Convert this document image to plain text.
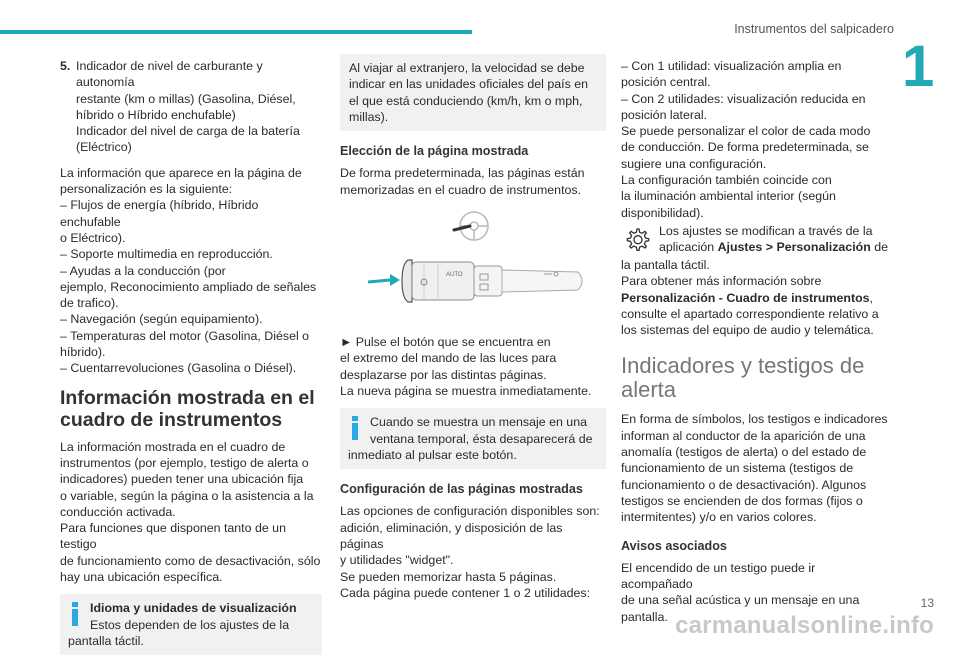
Instrumentos del salpicadero
1
5. Indicador de nivel de carburante y autonomía
restante (km o millas) (Gasolina, Diésel,
híbrido o Híbrido enchufable)
Indicador del nivel de carga de la batería
(Eléctrico)

La información que aparece en la página de
personalización es la siguiente:
– Flujos de energía (híbrido, Híbrido enchufable
o Eléctrico).
– Soporte multimedia en reproducción.
– Ayudas a la conducción (por
ejemplo, Reconocimiento ampliado de señales
de trafico).
– Navegación (según equipamiento).
– Temperaturas del motor (Gasolina, Diésel o
híbrido).
– Cuentarrevoluciones (Gasolina o Diésel).

Información mostrada en el
cuadro de instrumentos

La información mostrada en el cuadro de
instrumentos (por ejemplo, testigo de alerta o
indicadores) pueden tener una ubicación fija
o variable, según la página o la asistencia a la
conducción activada.
Para funciones que disponen tanto de un testigo
de funcionamiento como de desactivación, sólo
hay una ubicación específica.

Idioma y unidades de visualización
Estos dependen de los ajustes de la
pantalla táctil.
Al viajar al extranjero, la velocidad se debe
indicar en las unidades oficiales del país en
el que está conduciendo (km/h, km o mph,
millas).
Elección de la página mostrada

De forma predeterminada, las páginas están
memorizadas en el cuadro de instrumentos.

AUTO

► Pulse el botón que se encuentra en
el extremo del mando de las luces para
desplazarse por las distintas páginas.
La nueva página se muestra inmediatamente.

Cuando se muestra un mensaje en una
ventana temporal, ésta desaparecerá de
inmediato al pulsar este botón.
Configuración de las páginas mostradas

Las opciones de configuración disponibles son:
adición, eliminación, y disposición de las páginas
y utilidades "widget".
Se pueden memorizar hasta 5 páginas.
Cada página puede contener 1 o 2 utilidades:

– Con 1 utilidad: visualización amplia en
posición central.
– Con 2 utilidades: visualización reducida en
posición lateral.
Se puede personalizar el color de cada modo
de conducción. De forma predeterminada, se
sugiere una configuración.
La configuración también coincide con
la iluminación ambiental interior (según
disponibilidad).

Los ajustes se modifican a través de la
aplicación Ajustes > Personalización de

la pantalla táctil.
Para obtener más información sobre
Personalización - Cuadro de instrumentos,
consulte el apartado correspondiente relativo a
los sistemas del equipo de audio y telemática.

Indicadores y testigos de
alerta

En forma de símbolos, los testigos e indicadores
informan al conductor de la aparición de una
anomalía (testigos de alerta) o del estado de
funcionamiento de un sistema (testigos de
funcionamiento o de desactivación). Algunos
testigos se encienden de dos formas (fijos o
intermitentes) y/o en varios colores.

Avisos asociados

El encendido de un testigo puede ir acompañado
de una señal acústica y un mensaje en una
pantalla. carmanualsonline.info
13
